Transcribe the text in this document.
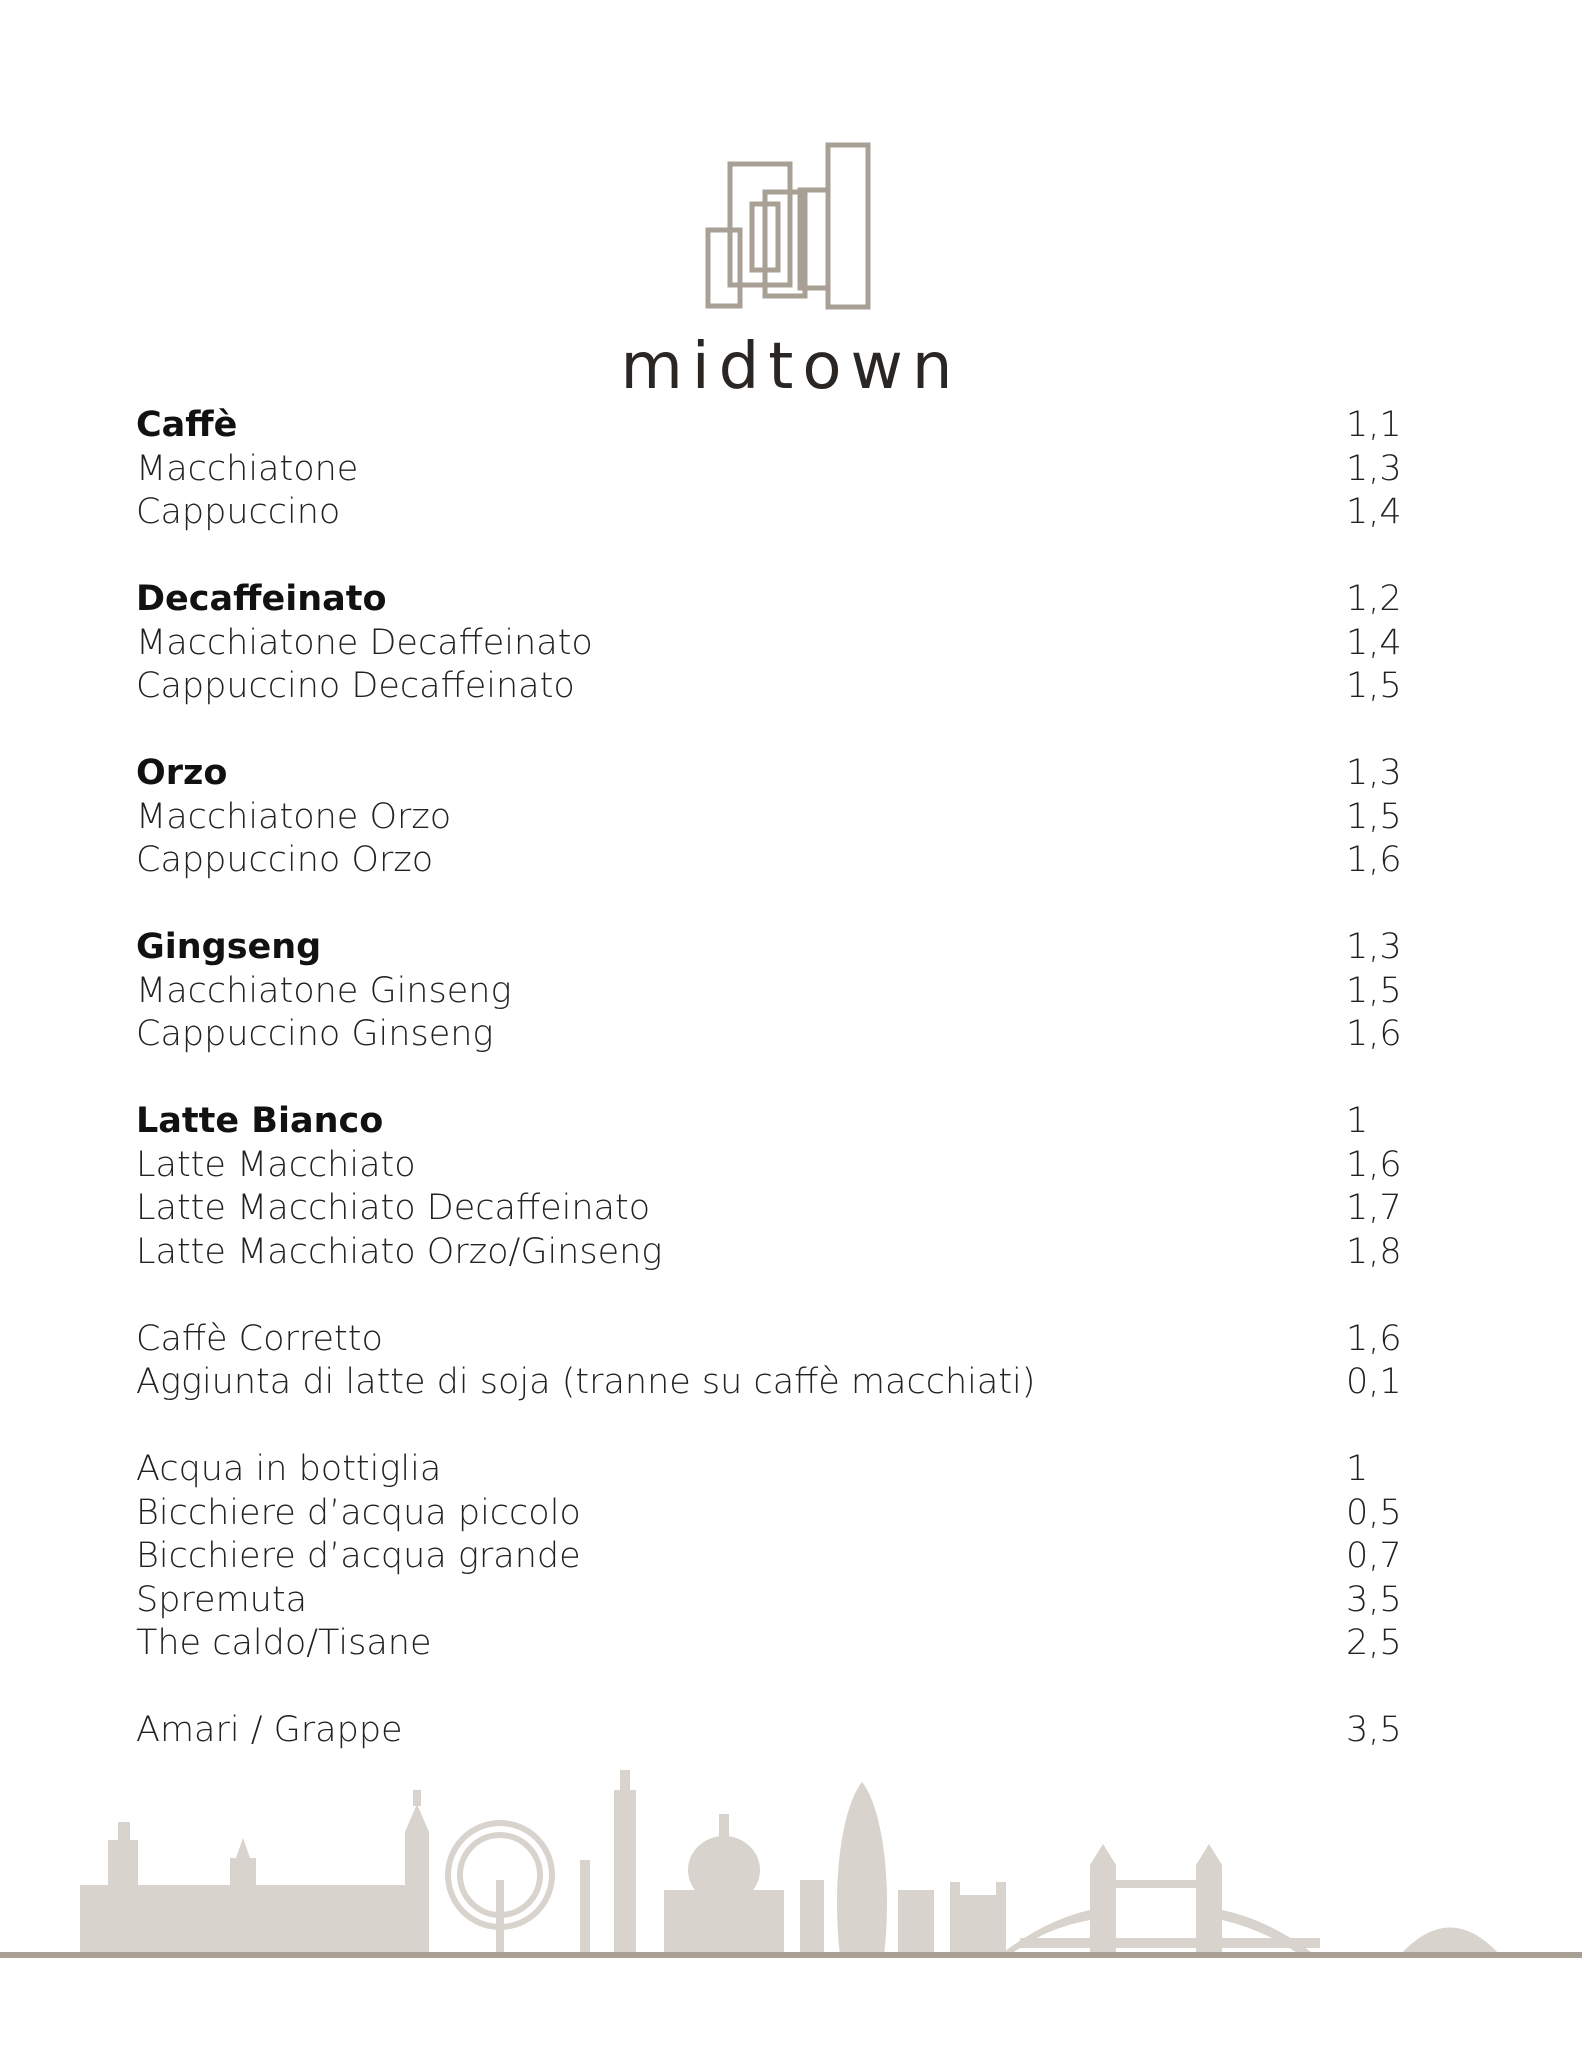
midtown
Caffè	1,1
Macchiatone	1,3
Cappuccino	1,4
Decaffeinato	1,2
Macchiatone Decaffeinato	1,4
Cappuccino Decaffeinato	1,5
Orzo	1,3
Macchiatone Orzo	1,5
Cappuccino Orzo	1,6
Gingseng	1,3
Macchiatone Ginseng	1,5
Cappuccino Ginseng	1,6
Latte Bianco	1
Latte Macchiato	1,6
Latte Macchiato Decaffeinato	1,7
Latte Macchiato Orzo/Ginseng	1,8
Caffè Corretto	1,6
Aggiunta di latte di soja (tranne su caffè macchiati)	0,1
Acqua in bottiglia	1
Bicchiere d’acqua piccolo	0,5
Bicchiere d’acqua grande	0,7
Spremuta	3,5
The caldo/Tisane	2,5
Amari / Grappe	3,5
